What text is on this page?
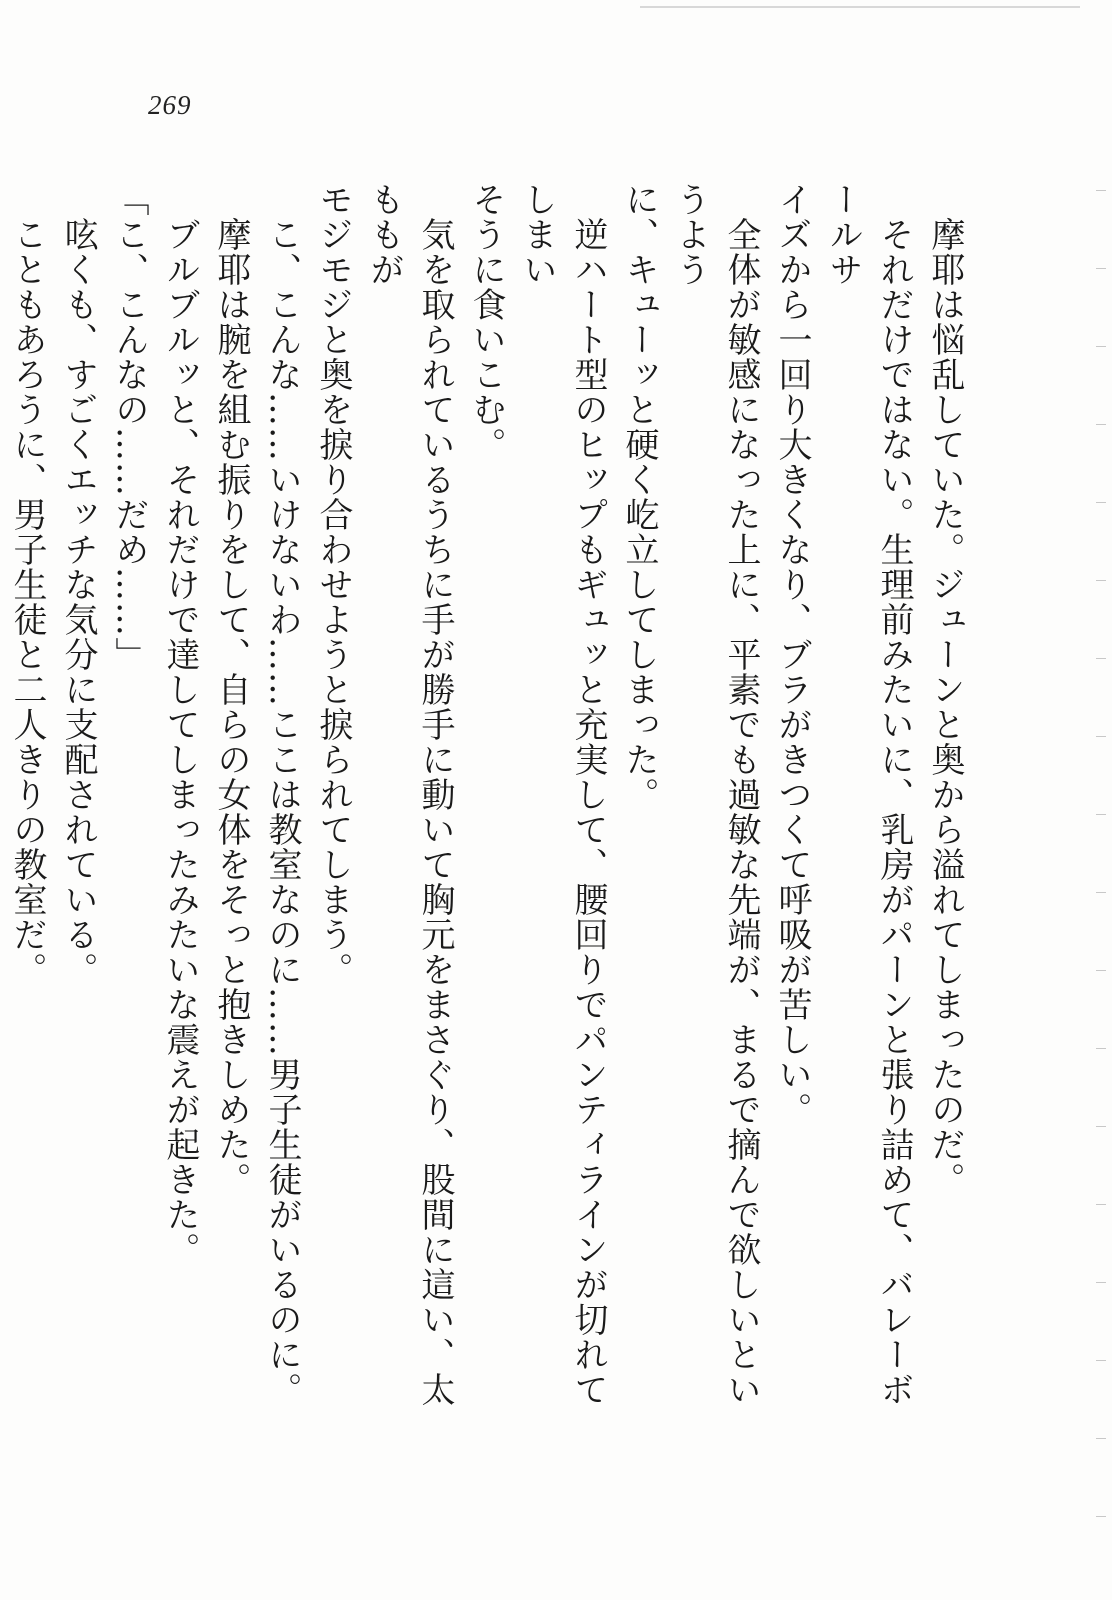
269

　摩耶は悩乱していた。ジューンと奥から溢れてしまったのだ。

　それだけではない。生理前みたいに、乳房がパーンと張り詰めて、バレーボールサ

イズから一回り大きくなり、ブラがきつくて呼吸が苦しい。

　全体が敏感になった上に、平素でも過敏な先端が、まるで摘んで欲しいというよう

に、キューッと硬く屹立してしまった。

　逆ハート型のヒップもギュッと充実して、腰回りでパンティラインが切れてしまい

そうに食いこむ。

　気を取られているうちに手が勝手に動いて胸元をまさぐり、股間に這い、太ももが

モジモジと奥を捩り合わせようと捩られてしまう。

　こ、こんな……いけないわ……ここは教室なのに……男子生徒がいるのに。

　摩耶は腕を組む振りをして、自らの女体をそっと抱きしめた。

　ブルブルッと、それだけで達してしまったみたいな震えが起きた。

「こ、こんなの……だめ……」

　呟くも、すごくエッチな気分に支配されている。

　こともあろうに、男子生徒と二人きりの教室だ。
